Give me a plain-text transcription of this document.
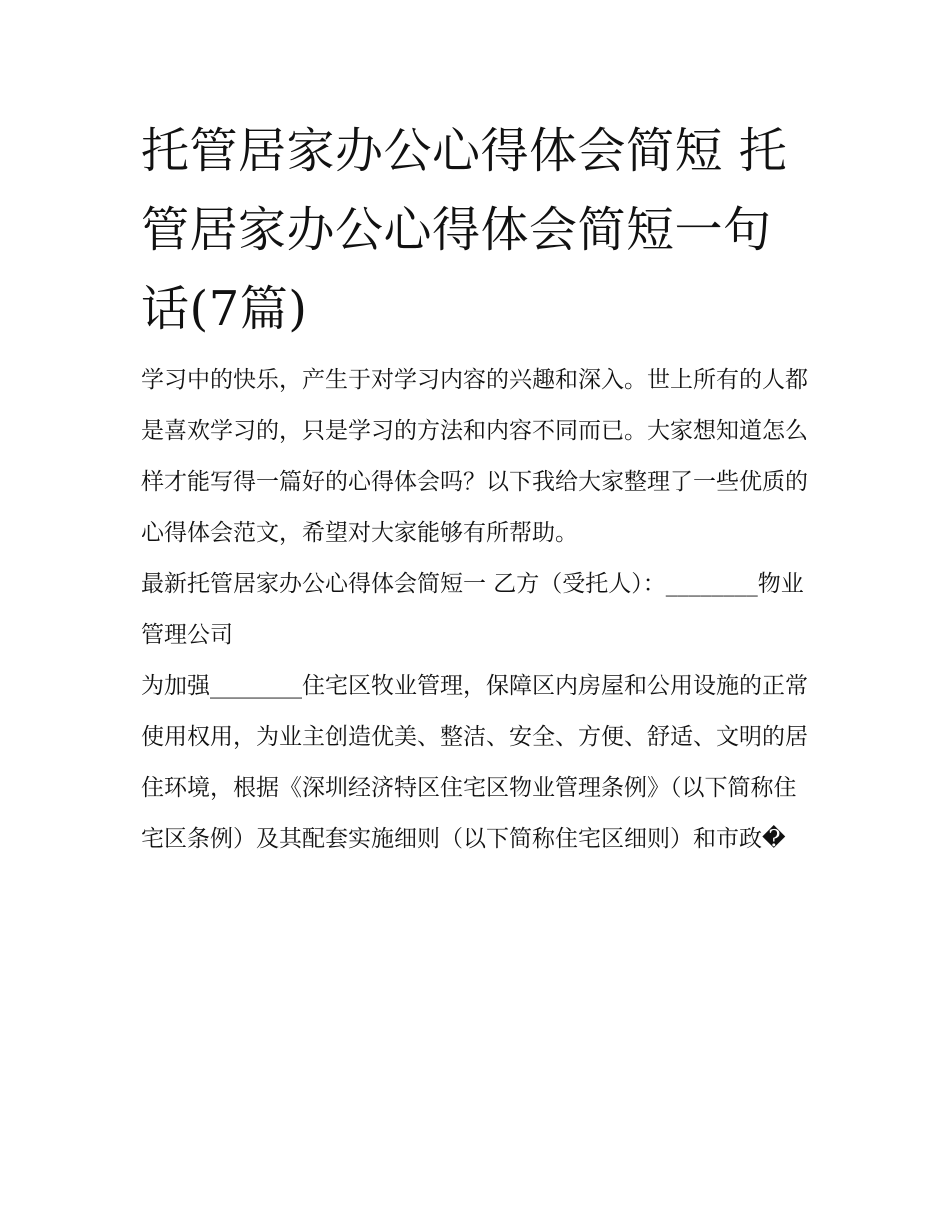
托管居家办公心得体会简短 托管居家办公心得体会简短一句话(7篇)

学习中的快乐，产生于对学习内容的兴趣和深入。世上所有的人都是喜欢学习的，只是学习的方法和内容不同而已。大家想知道怎么样才能写得一篇好的心得体会吗？以下我给大家整理了一些优质的心得体会范文，希望对大家能够有所帮助。

最新托管居家办公心得体会简短一 乙方（受托人）：________物业管理公司

为加强________住宅区牧业管理，保障区内房屋和公用设施的正常使用权用，为业主创造优美、整洁、安全、方便、舒适、文明的居住环境，根据《深圳经济特区住宅区物业管理条例》（以下简称住宅区条例）及其配套实施细则（以下简称住宅区细则）和市政�
